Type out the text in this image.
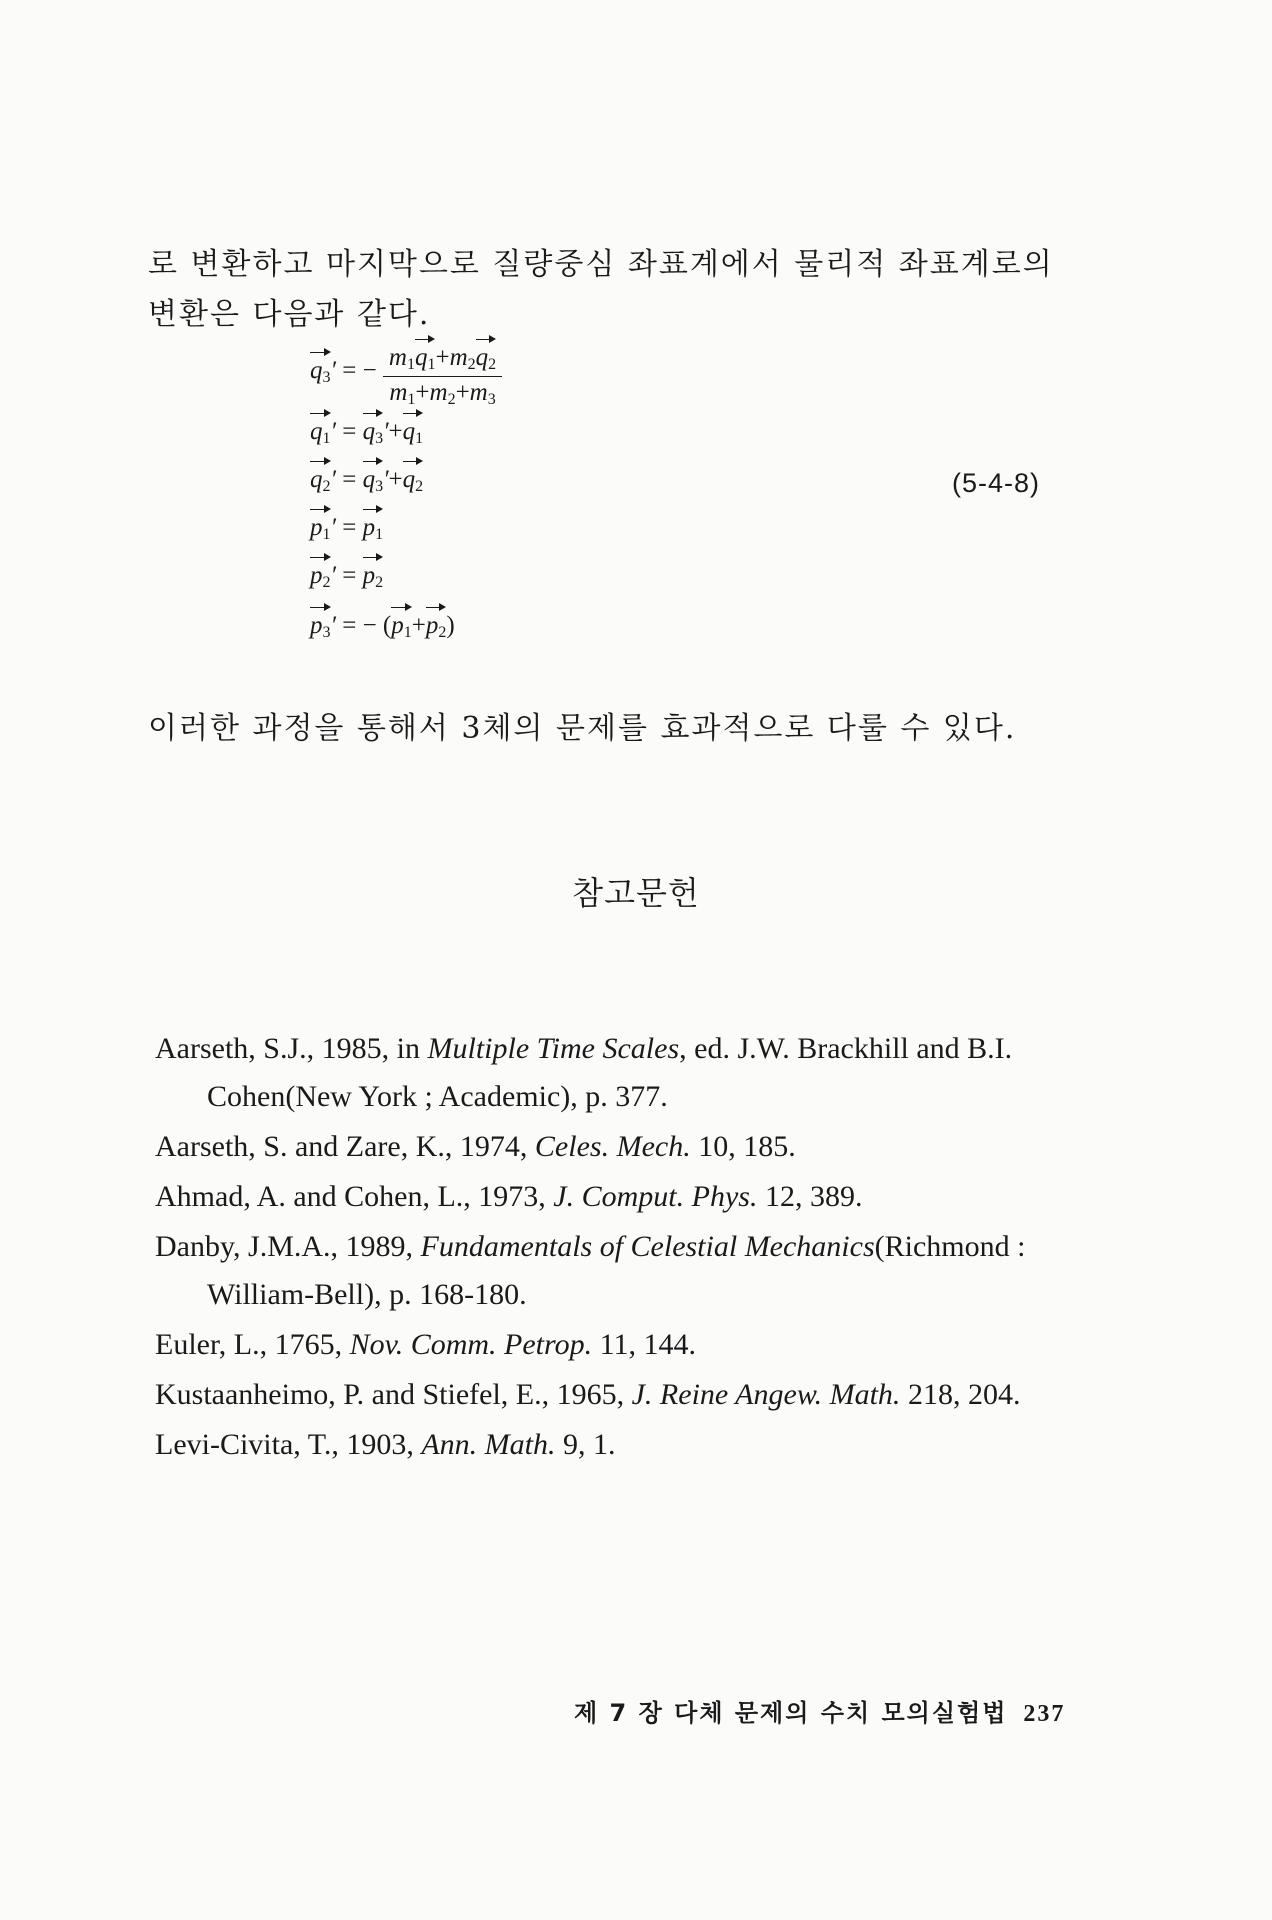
로 변환하고 마지막으로 질량중심 좌표계에서 물리적 좌표계로의 변환은 다음과 같다.

$q_3'$ = − $\frac{m_1q_1+m_2q_2}{m_1+m_2+m_3}$
$q_1' = q_3'+q_1$
$q_2' = q_3'+q_2$
$p_1' = p_1$
$p_2' = p_2$
$p_3'$ = − $(p_1+p_2)$
(5-4-8)

이러한 과정을 통해서 3체의 문제를 효과적으로 다룰 수 있다.

참고문헌
Aarseth, S.J., 1985, in Multiple Time Scales, ed. J.W. Brackhill and B.I. Cohen(New York ; Academic), p. 377.
Aarseth, S. and Zare, K., 1974, Celes. Mech. 10, 185.
Ahmad, A. and Cohen, L., 1973, J. Comput. Phys. 12, 389.
Danby, J.M.A., 1989, Fundamentals of Celestial Mechanics(Richmond : William-Bell), p. 168-180.
Euler, L., 1765, Nov. Comm. Petrop. 11, 144.
Kustaanheimo, P. and Stiefel, E., 1965, J. Reine Angew. Math. 218, 204.
Levi-Civita, T., 1903, Ann. Math. 9, 1.
제 7 장 다체 문제의 수치 모의실험법 237
